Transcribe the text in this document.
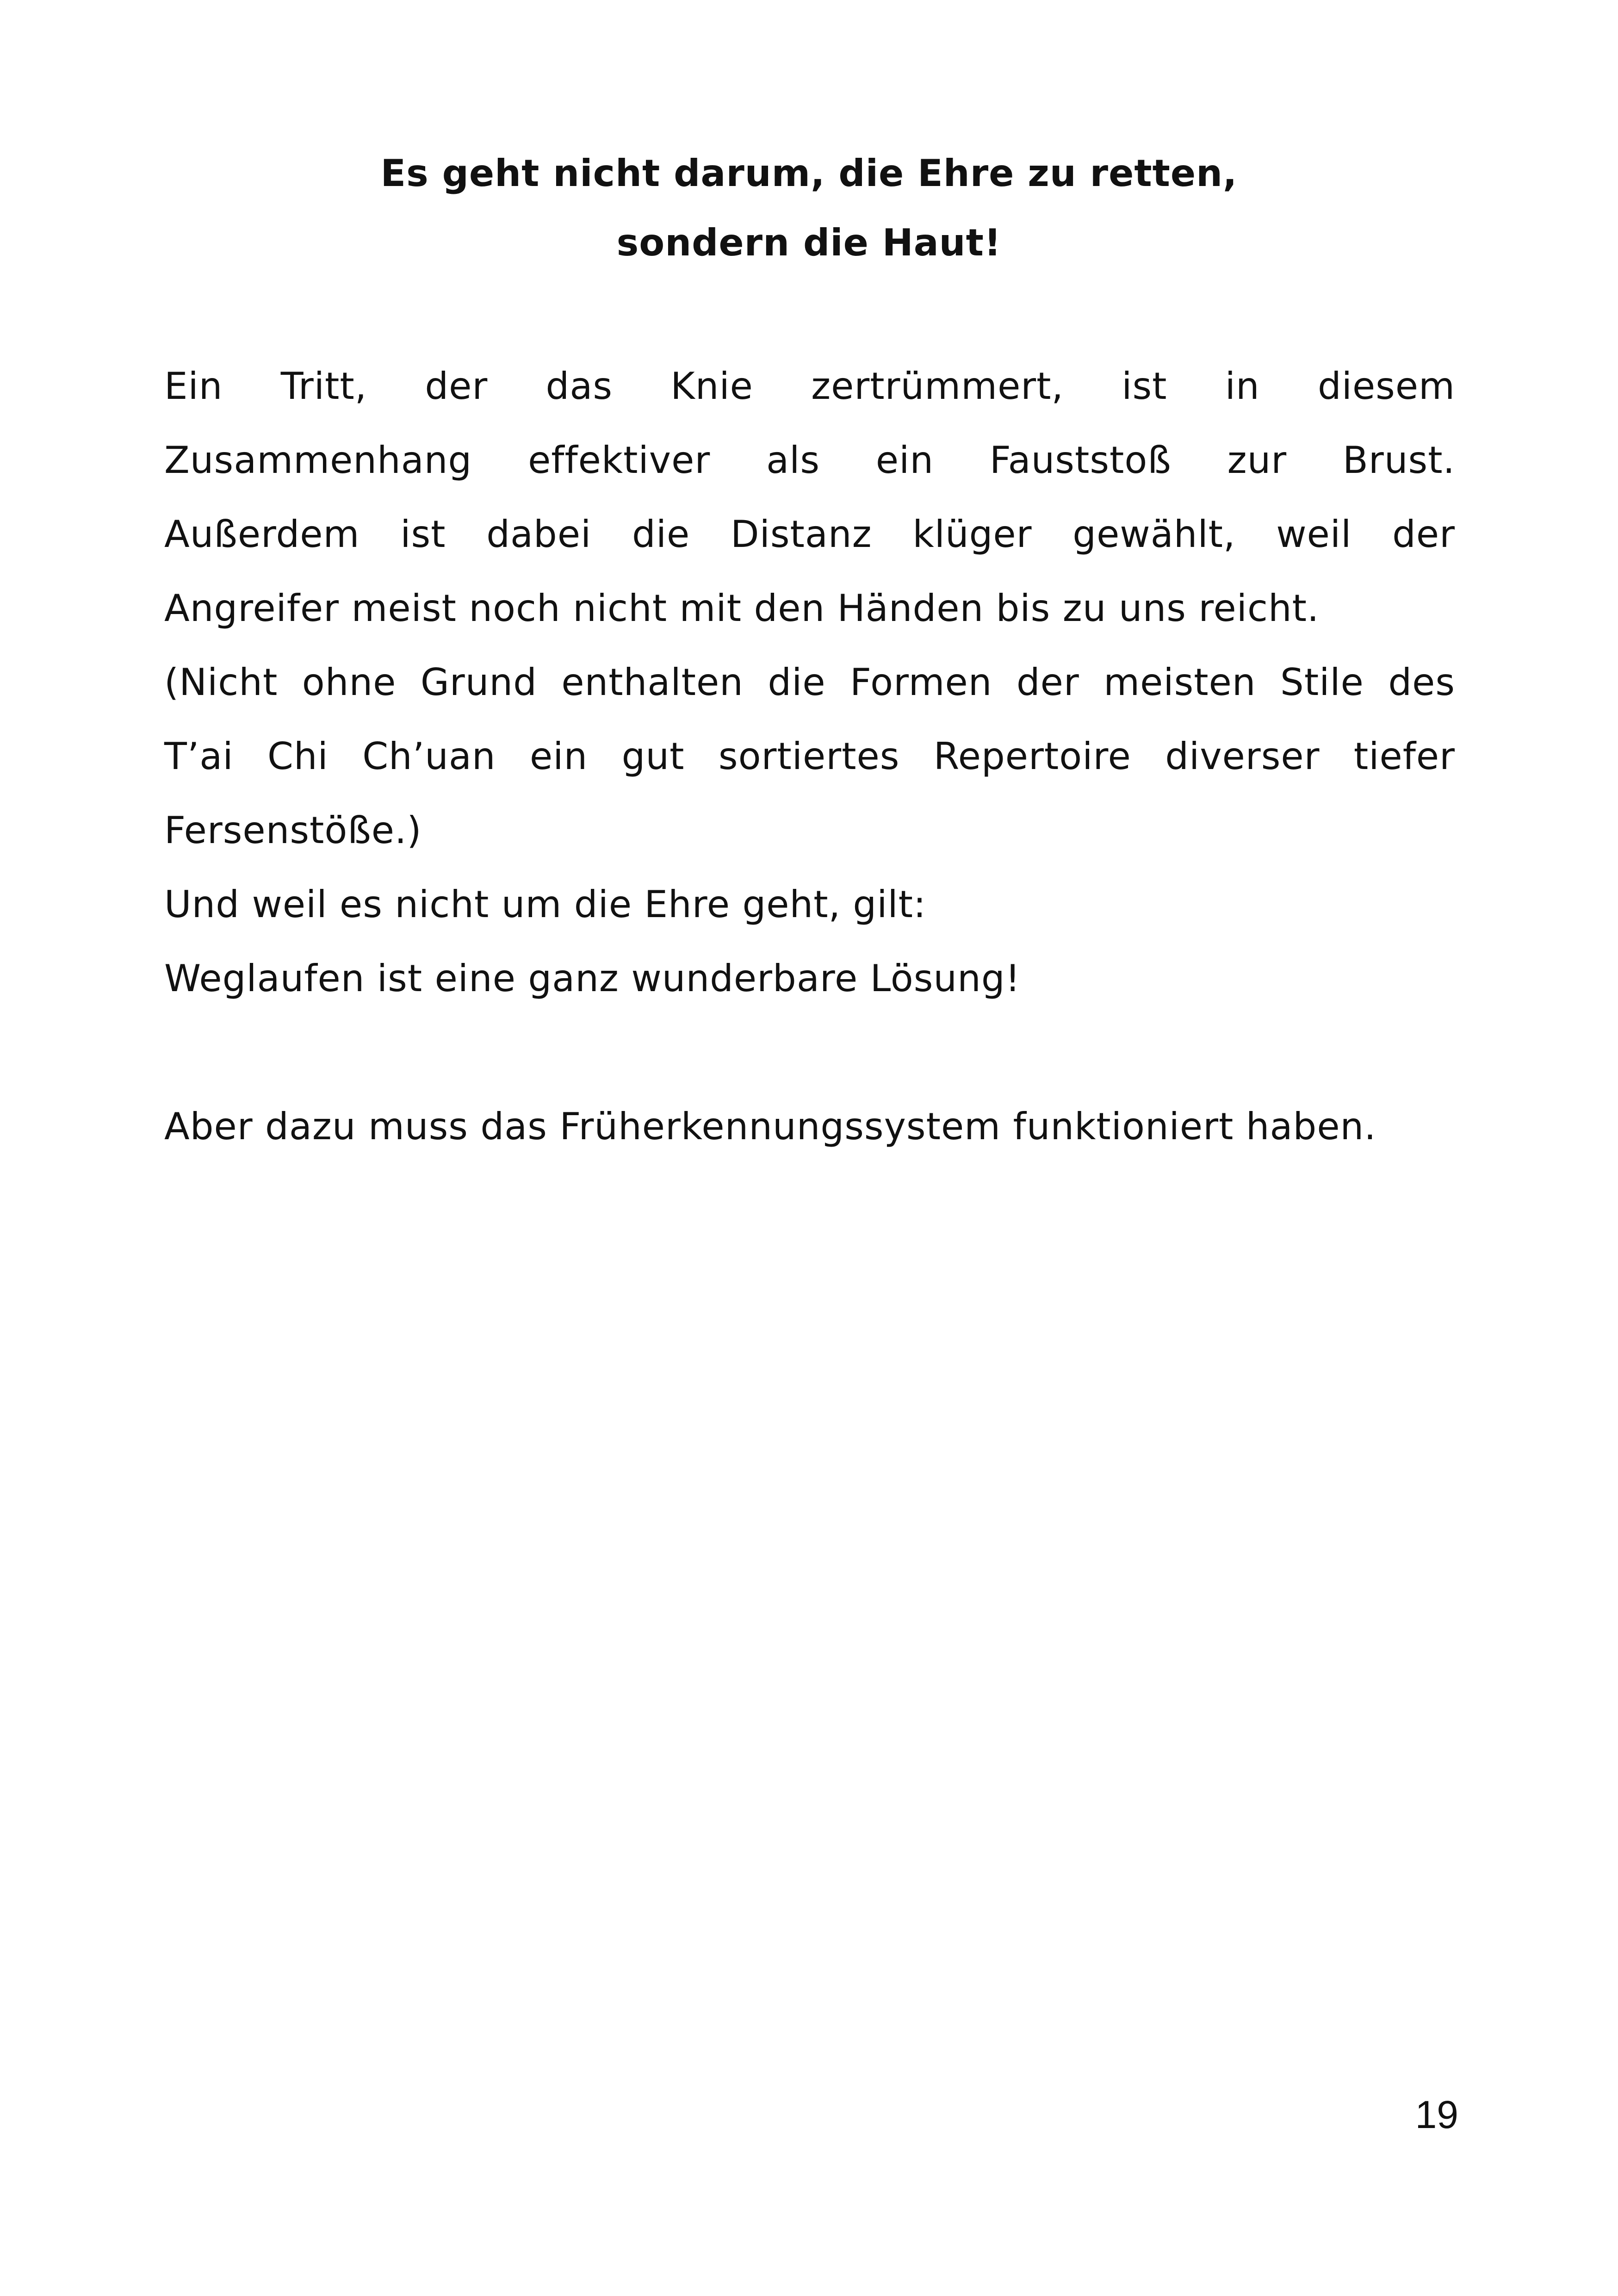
Es geht nicht darum, die Ehre zu retten,
sondern die Haut!
Ein Tritt, der das Knie zertrümmert, ist in diesem
Zusammenhang effektiver als ein Fauststoß zur Brust.
Außerdem ist dabei die Distanz klüger gewählt, weil der
Angreifer meist noch nicht mit den Händen bis zu uns reicht.
(Nicht ohne Grund enthalten die Formen der meisten Stile des
T’ai Chi Ch’uan ein gut sortiertes Repertoire diverser tiefer
Fersenstöße.)
Und weil es nicht um die Ehre geht, gilt:
Weglaufen ist eine ganz wunderbare Lösung!
Aber dazu muss das Früherkennungssystem funktioniert haben.
19
